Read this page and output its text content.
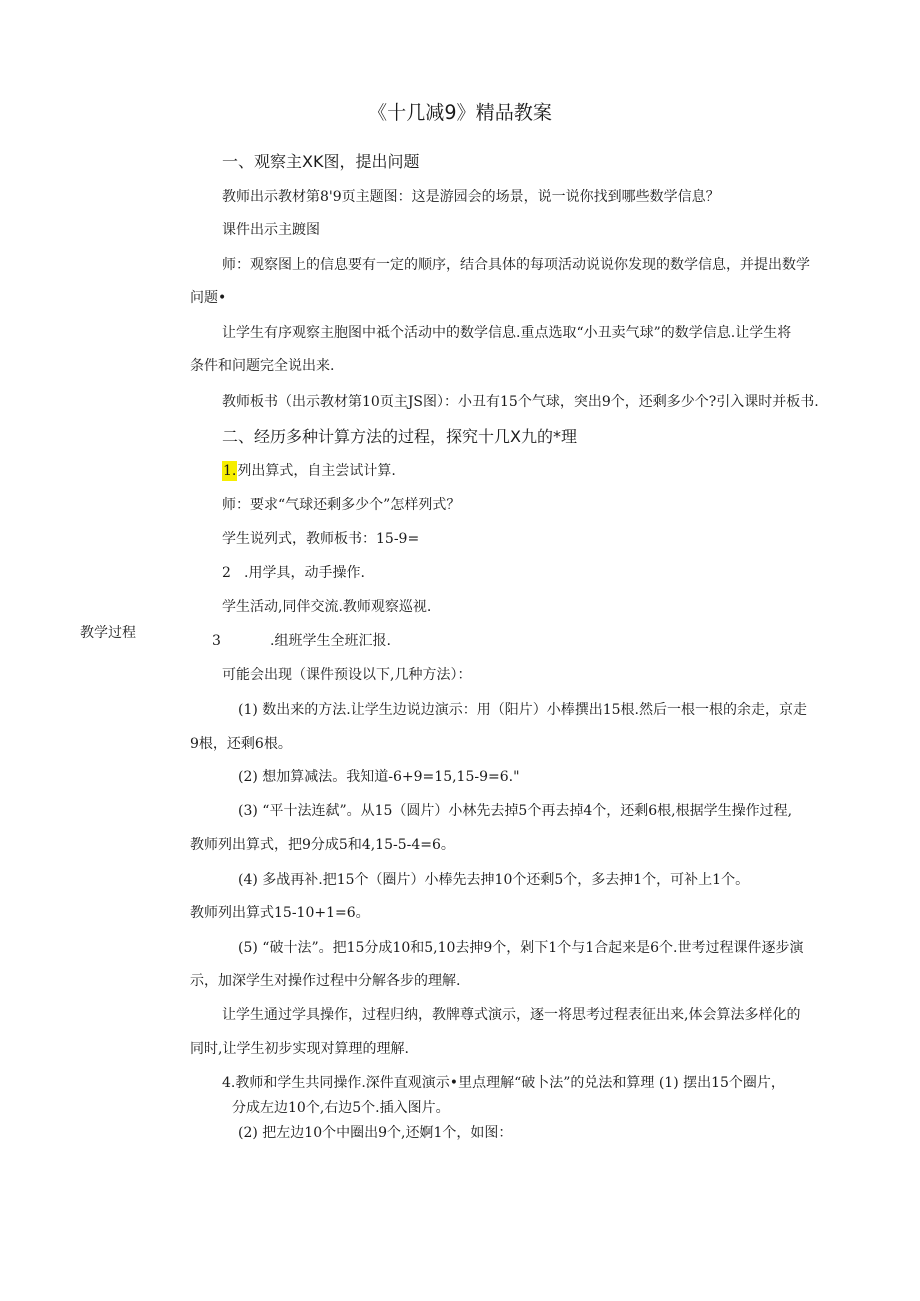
《十几减9》精品教案
一、观察主XK图，提出问题
教师出示教材第8'9页主题图：这是游园会的场景，说一说你找到哪些数学信息？
课件出示主踱图
师：观察图上的信息要有一定的顺序，结合具体的每项活动说说你发现的数学信息，并提出数学
问题•
让学生有序观察主胞图中祗个活动中的数学信息.重点选取“小丑卖气球”的数学信息.让学生将
条件和问题完全说出来.
教师板书（出示教材第10页主JS图）：小丑有15个气球，突出9个，还剩多少个?引入课时并板书.
二、经历多种计算方法的过程，探究十几X九的*理
1.列出算式，自主尝试计算.
师：要求“气球还剩多少个”怎样列式？
学生说列式，教师板书：15-9=
2 .用学具，动手操作.
学生活动,同伴交流.教师观察巡视.
教学过程	3	.组班学生全班汇报.
可能会出现（课件预设以下,几种方法）：
(1) 数出来的方法.让学生边说边演示：用（阳片）小棒撰出15根.然后一根一根的余走，京走
9根，还剩6根。
(2) 想加算减法。我知道-6+9=15,15-9=6."
(3) “平十法连弑”。从15（圆片）小林先去掉5个再去掉4个，还剩6根,根据学生操作过程,
教师列出算式，把9分成5和4,15-5-4=6。
(4) 多战再补.把15个（圈片）小棒先去抻10个还剩5个，多去抻1个，可补上1个。
教师列出算式15-10+1=6。
(5) “破十法”。把15分成10和5,10去抻9个，剁下1个与1合起来是6个.世考过程课件逐步演
示，加深学生对操作过程中分解各步的理解.
让学生通过学具操作，过程归纳，教牌尊式演示，逐一将思考过程表征出来,体会算法多样化的
同时,让学生初步实现对算理的理解.
4.教师和学生共同操作.深件直观演示•里点理解“破卜法”的兑法和算理 (1) 摆出15个圈片，
分成左边10个,右边5个.插入图片。
(2) 把左边10个中圈出9个,还婀1个，如图：
